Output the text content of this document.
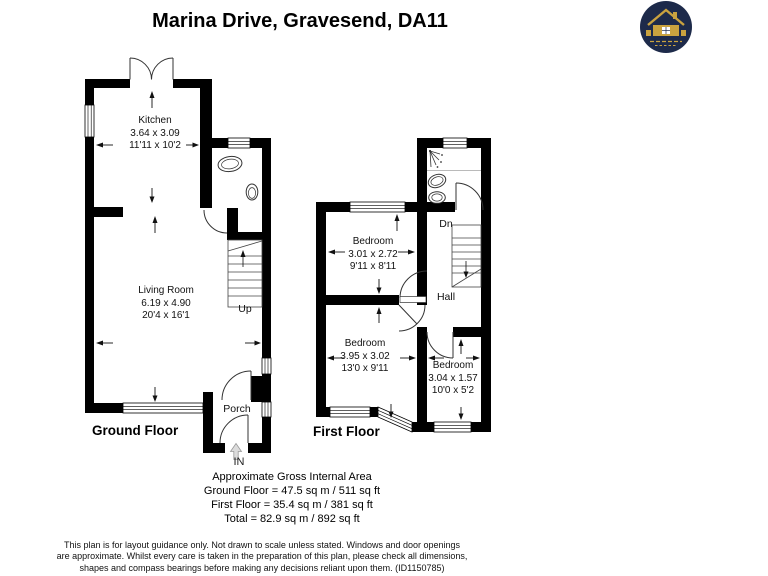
Marina Drive, Gravesend, DA11
Kitchen
3.64 x 3.09
11'11 x 10'2
Living Room
6.19 x 4.90
20'4 x 16'1
Up
Porch
IN
Ground Floor
Bedroom
3.01 x 2.72
9'11 x 8'11
Bedroom
3.95 x 3.02
13'0 x 9'11	Bedroom
3.04 x 1.57
10'0 x 5'2
Hall
Dn
First Floor
Approximate Gross Internal Area
Ground Floor = 47.5 sq m / 511 sq ft
First Floor = 35.4 sq m / 381 sq ft
Total = 82.9 sq m / 892 sq ft
This plan is for layout guidance only. Not drawn to scale unless stated. Windows and door openings
are approximate. Whilst every care is taken in the preparation of this plan, please check all dimensions,
shapes and compass bearings before making any decisions reliant upon them. (ID1150785)
